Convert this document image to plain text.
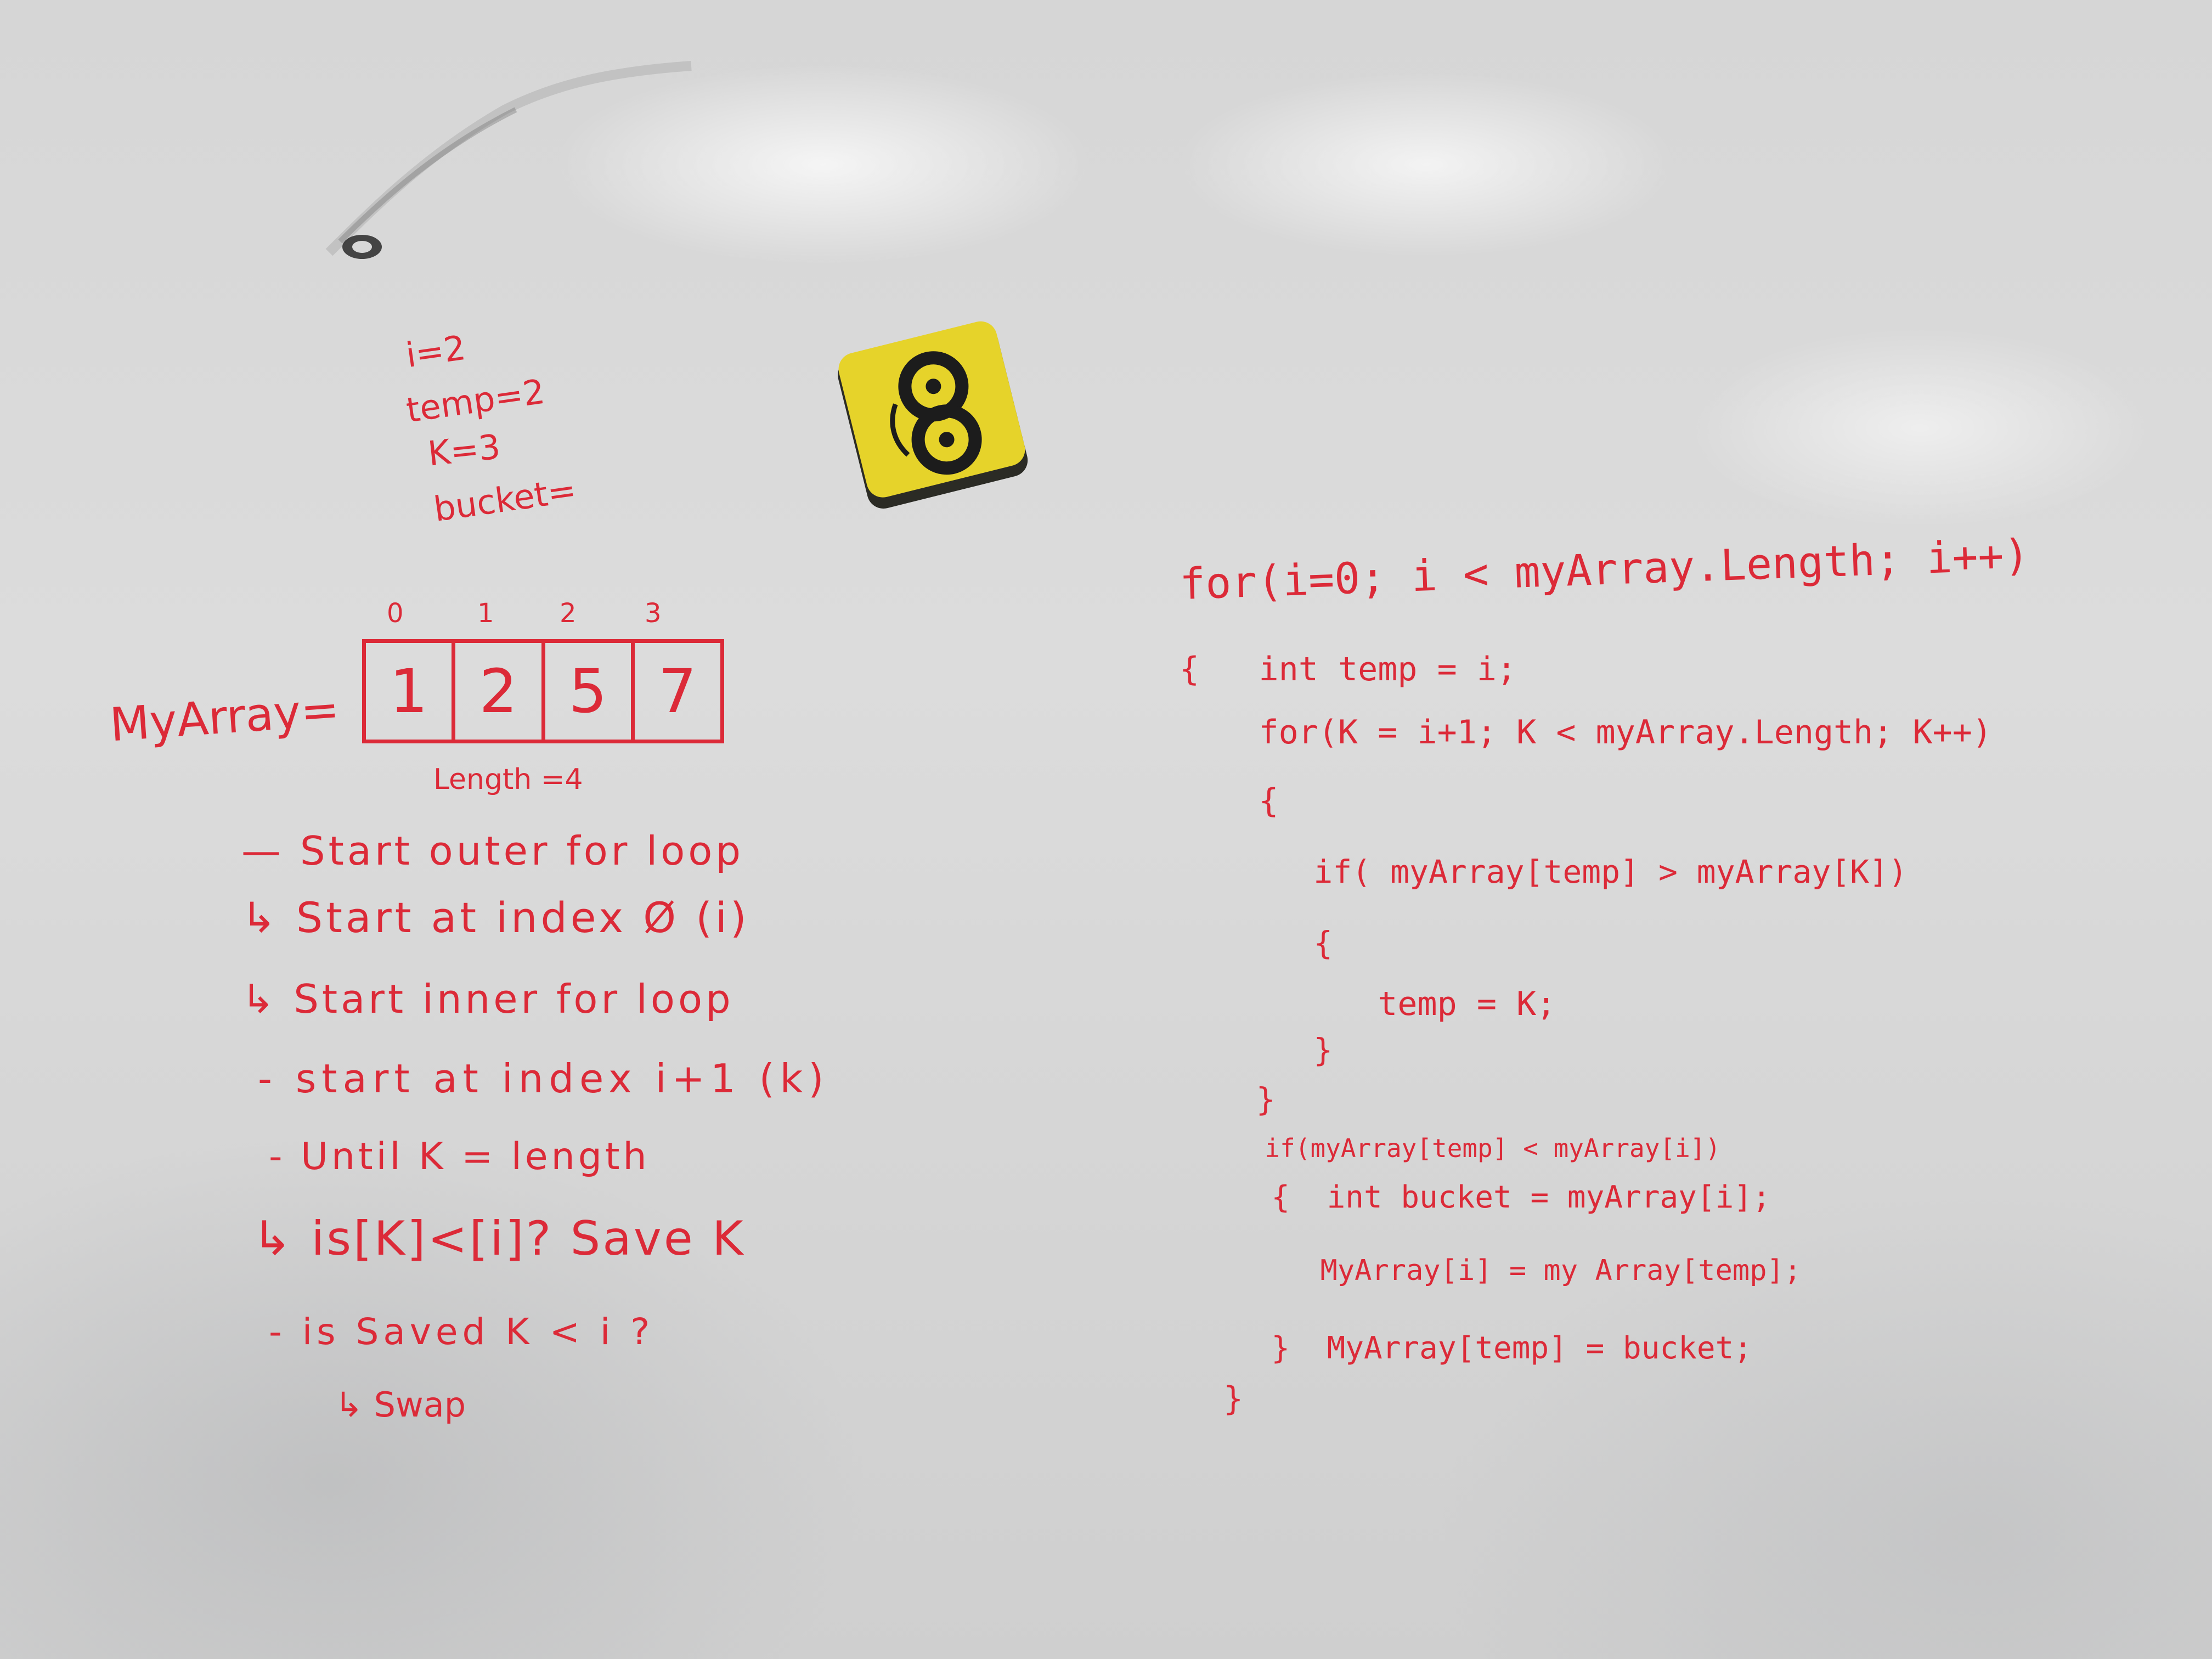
i=2
temp=2
K=3
bucket=
MyArray=
0	1 2	3
1 2 5 7
Length =4
— Start outer for loop
↳ Start at index Ø (i)
↳ Start inner for loop
- start at index i+1 (k)
- Until K = length
↳ is[K]<[i]? Save K
- is Saved K < i ?
↳ Swap
for(i=0; i < myArray.Length; i++)
{   int temp = i;
for(K = i+1; K < myArray.Length; K++)
{
if( myArray[temp] > myArray[K])
{
temp = K;
}
}
if(myArray[temp] < myArray[i])
{  int bucket = myArray[i];
MyArray[i] = my Array[temp];
}  MyArray[temp] = bucket;
}
